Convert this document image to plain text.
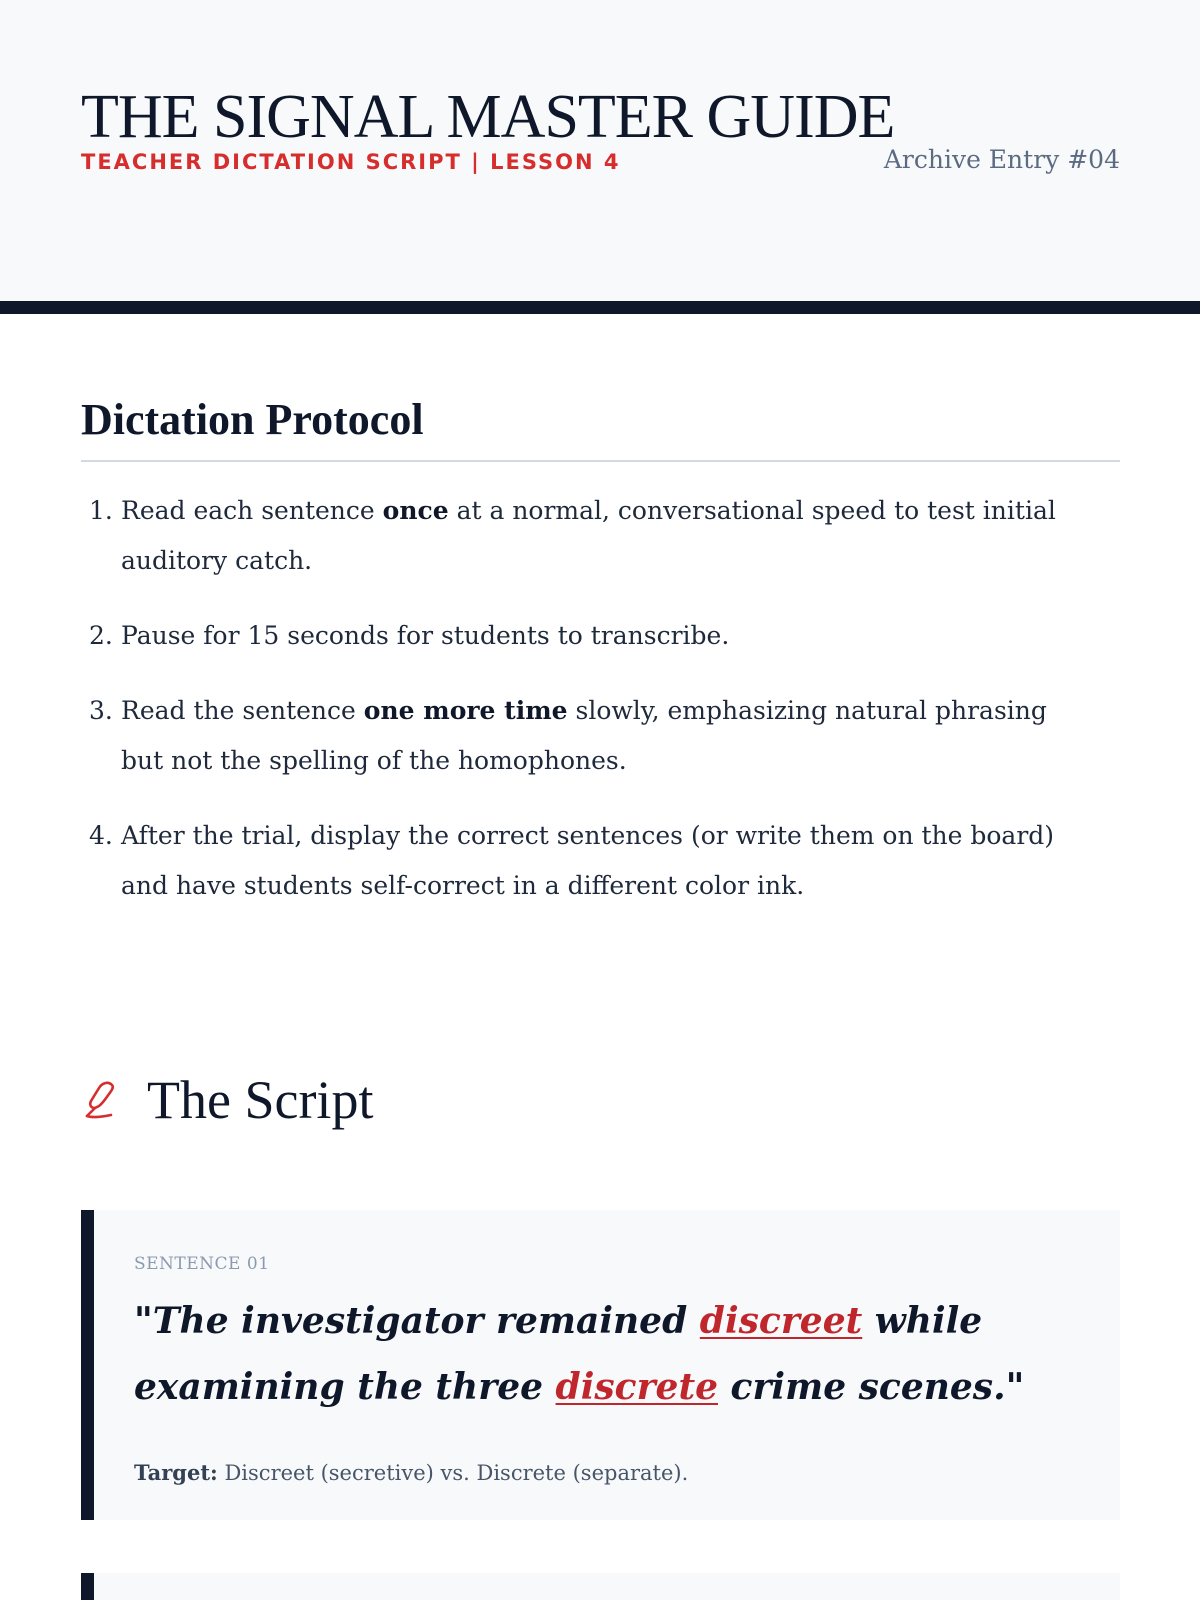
THE SIGNAL MASTER GUIDE
TEACHER DICTATION SCRIPT | LESSON 4	Archive Entry #04
Dictation Protocol
1. Read each sentence once at a normal, conversational speed to test initial auditory catch.
2. Pause for 15 seconds for students to transcribe.
3. Read the sentence one more time slowly, emphasizing natural phrasing but not the spelling of the homophones.
4. After the trial, display the correct sentences (or write them on the board) and have students self-correct in a different color ink.
The Script
SENTENCE 01
"The investigator remained discreet while examining the three discrete crime scenes."
Target: Discreet (secretive) vs. Discrete (separate).
